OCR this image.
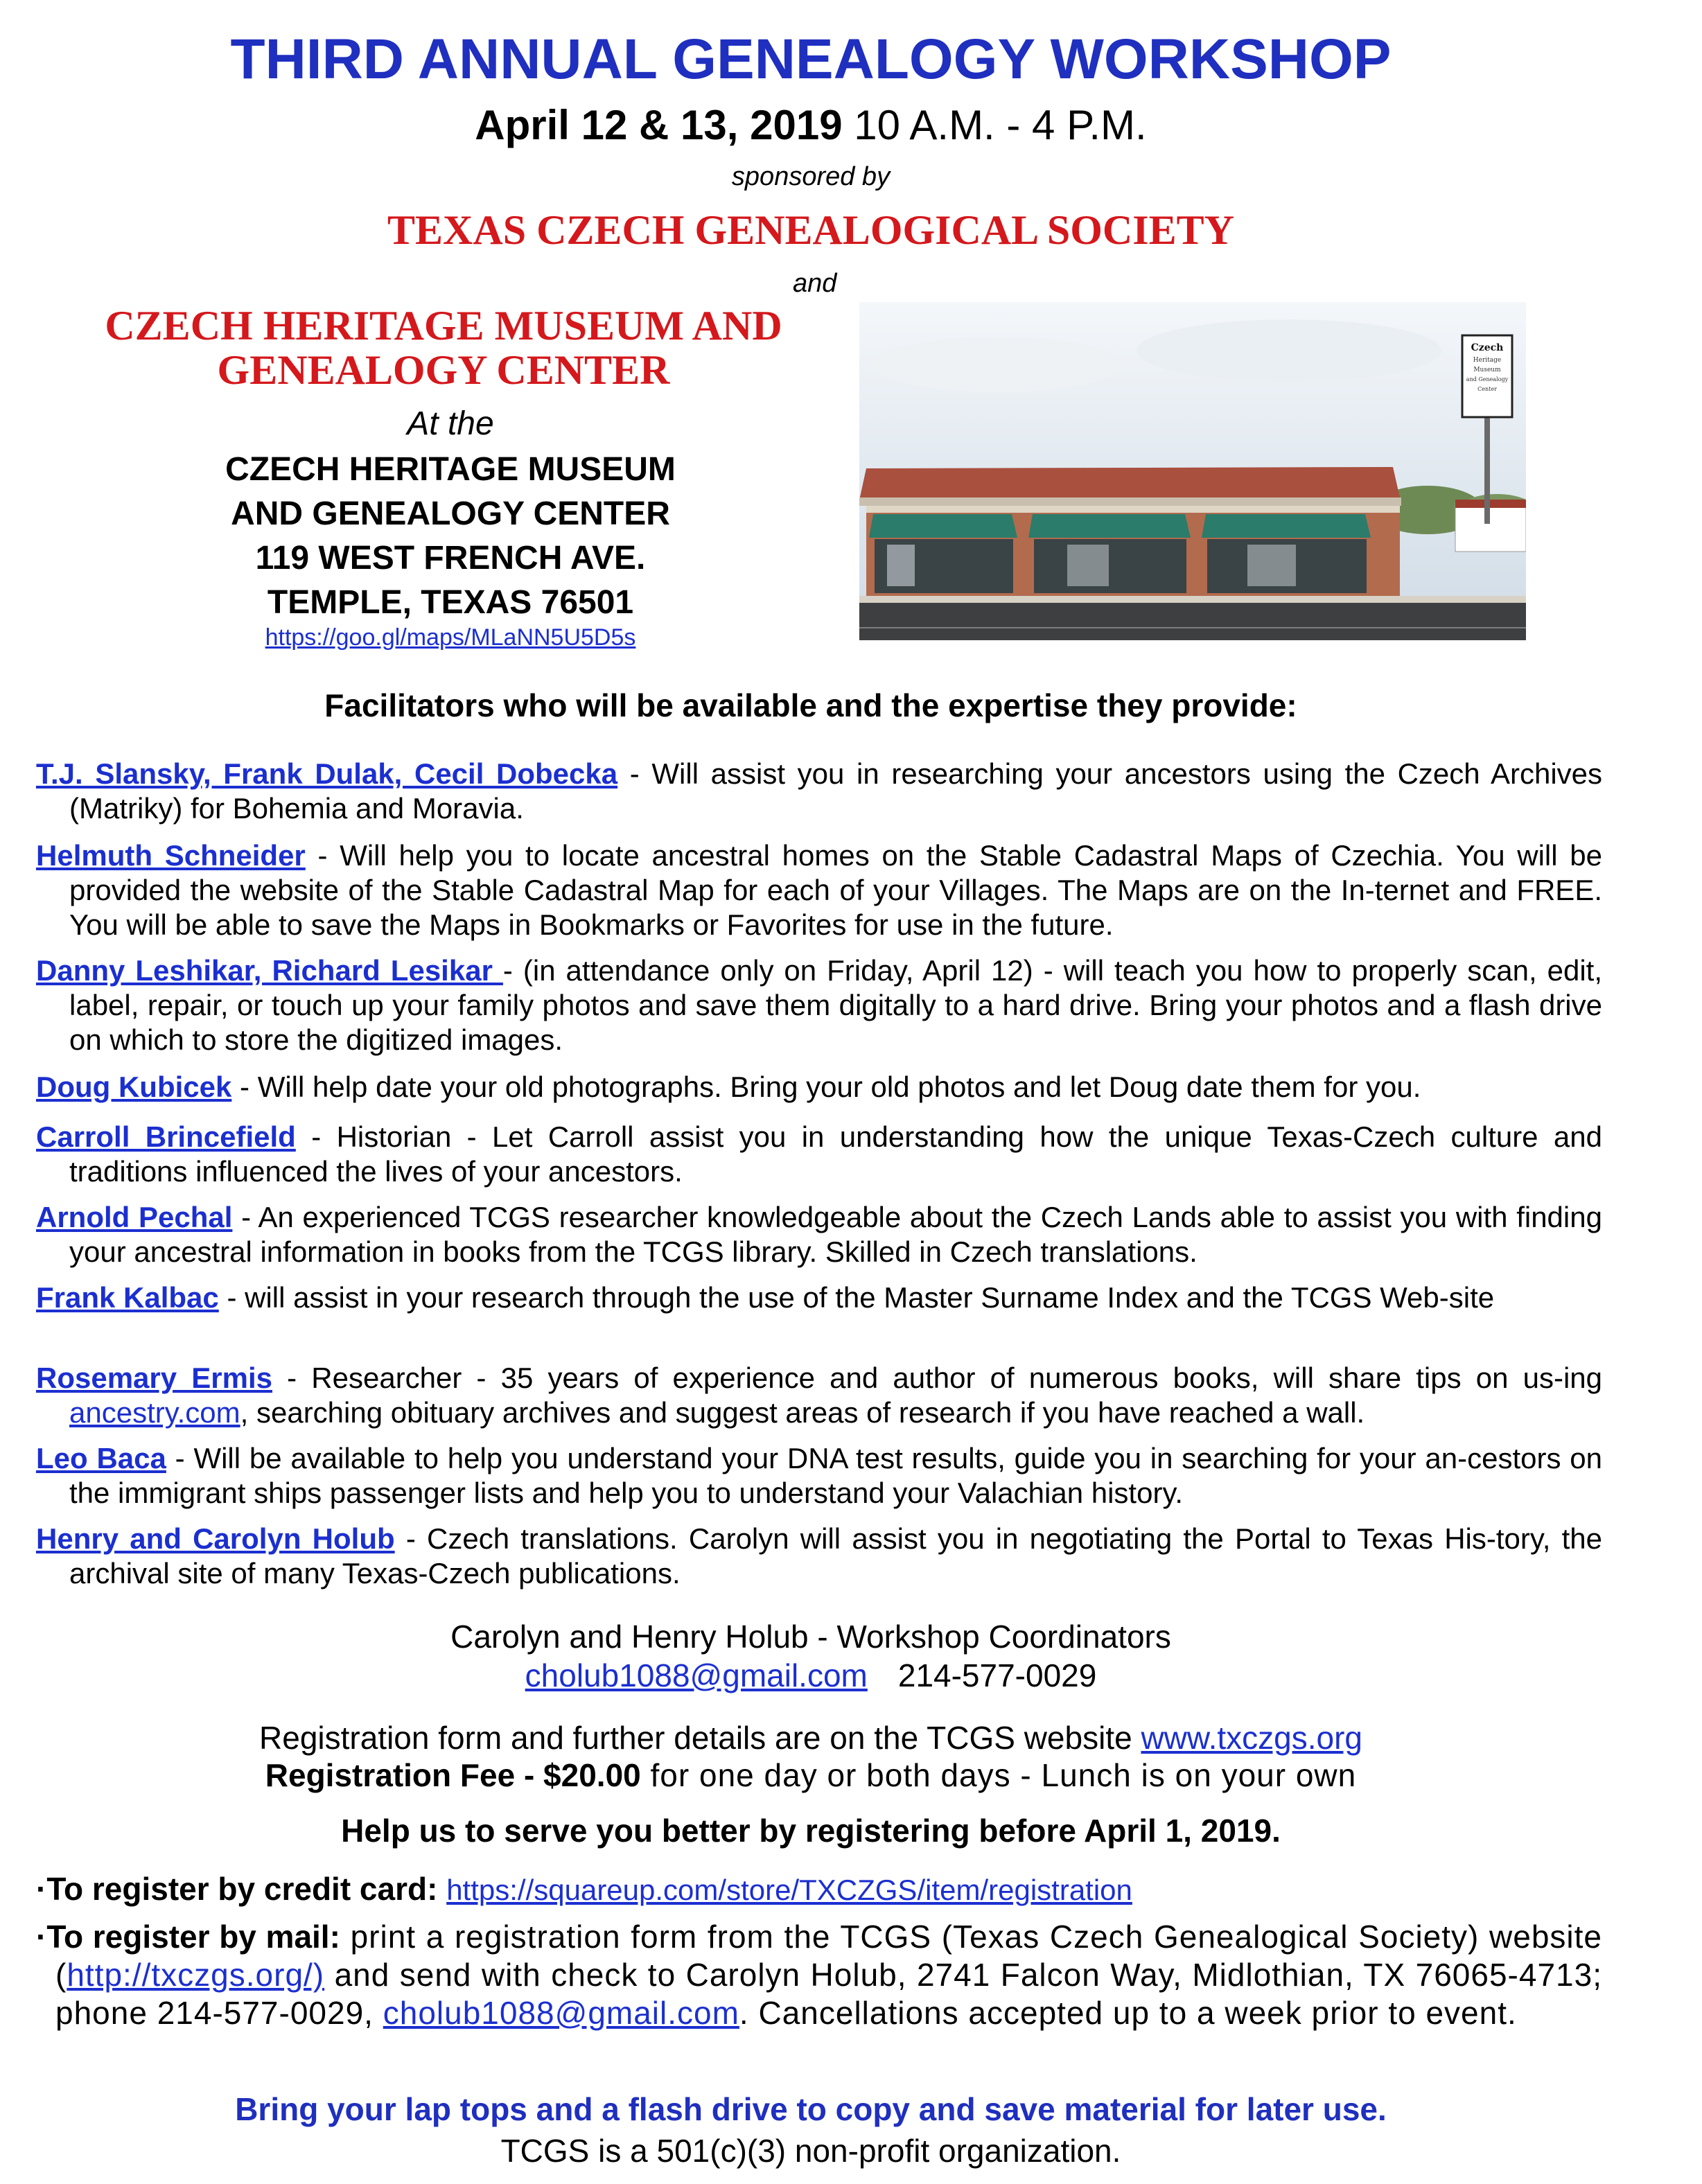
THIRD ANNUAL GENEALOGY WORKSHOP
April 12 & 13, 2019 10 A.M. - 4 P.M.
sponsored by
TEXAS CZECH GENEALOGICAL SOCIETY
and
CZECH HERITAGE MUSEUM AND
GENEALOGY CENTER
At the
CZECH HERITAGE MUSEUM
AND GENEALOGY CENTER
119 WEST FRENCH AVE.
TEMPLE, TEXAS 76501
https://goo.gl/maps/MLaNN5U5D5s
Czech
Heritage
Museum
and Genealogy
Center
Facilitators who will be available and the expertise they provide:
T.J. Slansky, Frank Dulak, Cecil Dobecka - Will assist you in researching your ancestors using the Czech Archives (Matriky) for Bohemia and Moravia.
Helmuth Schneider - Will help you to locate ancestral homes on the Stable Cadastral Maps of Czechia. You will be provided the website of the Stable Cadastral Map for each of your Villages. The Maps are on the In-ternet and FREE. You will be able to save the Maps in Bookmarks or Favorites for use in the future.
Danny Leshikar, Richard Lesikar - (in attendance only on Friday, April 12) - will teach you how to properly scan, edit, label, repair, or touch up your family photos and save them digitally to a hard drive. Bring your photos and a flash drive on which to store the digitized images.
Doug Kubicek - Will help date your old photographs. Bring your old photos and let Doug date them for you.
Carroll Brincefield - Historian - Let Carroll assist you in understanding how the unique Texas-Czech culture and traditions influenced the lives of your ancestors.
Arnold Pechal - An experienced TCGS researcher knowledgeable about the Czech Lands able to assist you with finding your ancestral information in books from the TCGS library. Skilled in Czech translations.
Frank Kalbac - will assist in your research through the use of the Master Surname Index and the TCGS Web-site
Rosemary Ermis - Researcher - 35 years of experience and author of numerous books, will share tips on us-ing ancestry.com, searching obituary archives and suggest areas of research if you have reached a wall.
Leo Baca - Will be available to help you understand your DNA test results, guide you in searching for your an-cestors on the immigrant ships passenger lists and help you to understand your Valachian history.
Henry and Carolyn Holub - Czech translations. Carolyn will assist you in negotiating the Portal to Texas His-tory, the archival site of many Texas-Czech publications.
Carolyn and Henry Holub - Workshop Coordinators
cholub1088@gmail.com 214-577-0029
Registration form and further details are on the TCGS website www.txczgs.org
Registration Fee - $20.00 for one day or both days - Lunch is on your own
Help us to serve you better by registering before April 1, 2019.
·To register by credit card: https://squareup.com/store/TXCZGS/item/registration
·To register by mail: print a registration form from the TCGS (Texas Czech Genealogical Society) website (http://txczgs.org/) and send with check to Carolyn Holub, 2741 Falcon Way, Midlothian, TX 76065-4713; phone 214-577-0029, cholub1088@gmail.com. Cancellations accepted up to a week prior to event.
Bring your lap tops and a flash drive to copy and save material for later use.
TCGS is a 501(c)(3) non-profit organization.
